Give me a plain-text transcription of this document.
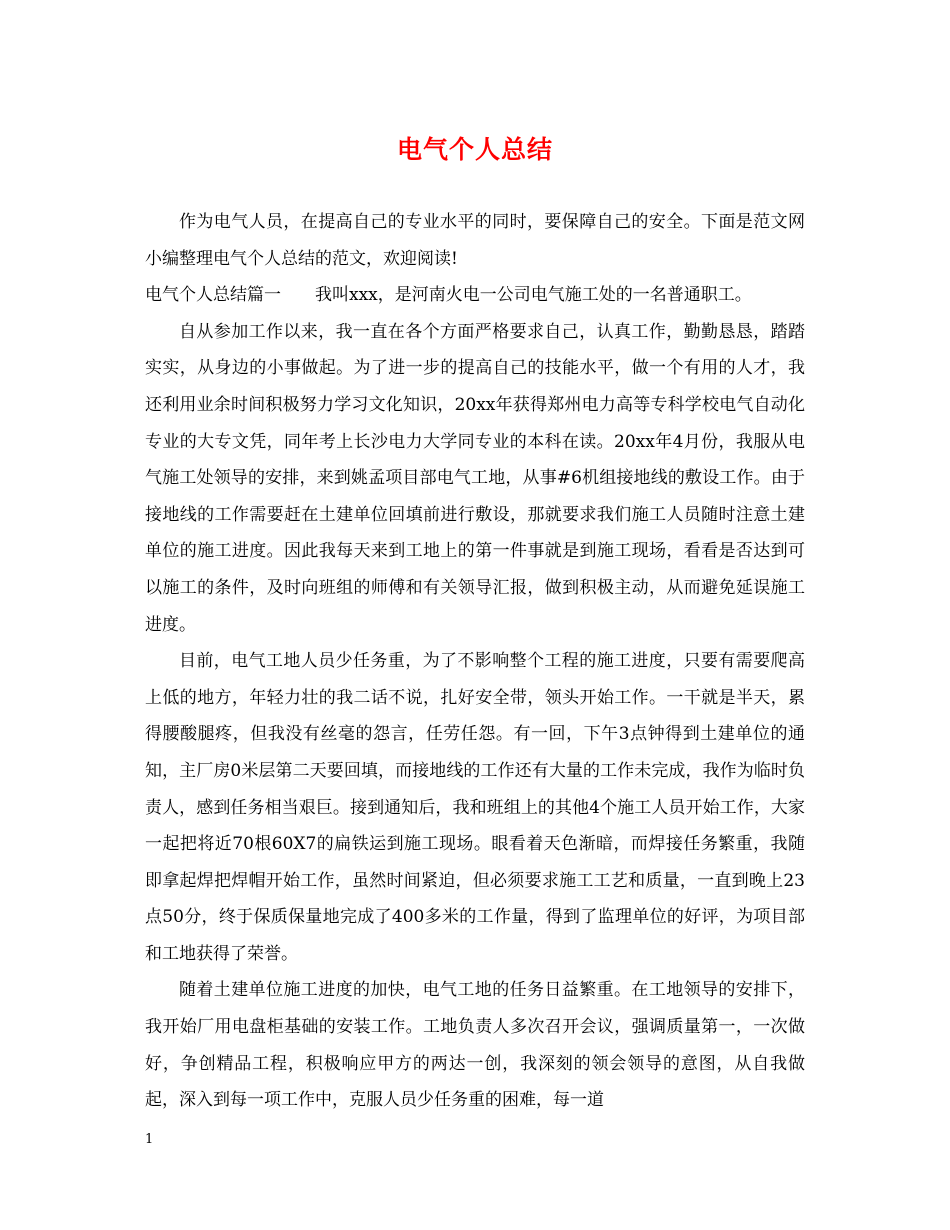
电气个人总结

作为电气人员，在提高自己的专业水平的同时，要保障自己的安全。下面是范文网小编整理电气个人总结的范文，欢迎阅读!

电气个人总结篇一 我叫xxx，是河南火电一公司电气施工处的一名普通职工。

自从参加工作以来，我一直在各个方面严格要求自己，认真工作，勤勤恳恳，踏踏实实，从身边的小事做起。为了进一步的提高自己的技能水平，做一个有用的人才，我还利用业余时间积极努力学习文化知识，20xx年获得郑州电力高等专科学校电气自动化专业的大专文凭，同年考上长沙电力大学同专业的本科在读。20xx年4月份，我服从电气施工处领导的安排，来到姚孟项目部电气工地，从事#6机组接地线的敷设工作。由于接地线的工作需要赶在土建单位回填前进行敷设，那就要求我们施工人员随时注意土建单位的施工进度。因此我每天来到工地上的第一件事就是到施工现场，看看是否达到可以施工的条件，及时向班组的师傅和有关领导汇报，做到积极主动，从而避免延误施工进度。

目前，电气工地人员少任务重，为了不影响整个工程的施工进度，只要有需要爬高上低的地方，年轻力壮的我二话不说，扎好安全带，领头开始工作。一干就是半天，累得腰酸腿疼，但我没有丝毫的怨言，任劳任怨。有一回，下午3点钟得到土建单位的通知，主厂房0米层第二天要回填，而接地线的工作还有大量的工作未完成，我作为临时负责人，感到任务相当艰巨。接到通知后，我和班组上的其他4个施工人员开始工作，大家一起把将近70根60X7的扁铁运到施工现场。眼看着天色渐暗，而焊接任务繁重，我随即拿起焊把焊帽开始工作，虽然时间紧迫，但必须要求施工工艺和质量，一直到晚上23点50分，终于保质保量地完成了400多米的工作量，得到了监理单位的好评，为项目部和工地获得了荣誉。

随着土建单位施工进度的加快，电气工地的任务日益繁重。在工地领导的安排下，我开始厂用电盘柜基础的安装工作。工地负责人多次召开会议，强调质量第一，一次做好，争创精品工程，积极响应甲方的两达一创，我深刻的领会领导的意图，从自我做起，深入到每一项工作中，克服人员少任务重的困难，每一道

1
